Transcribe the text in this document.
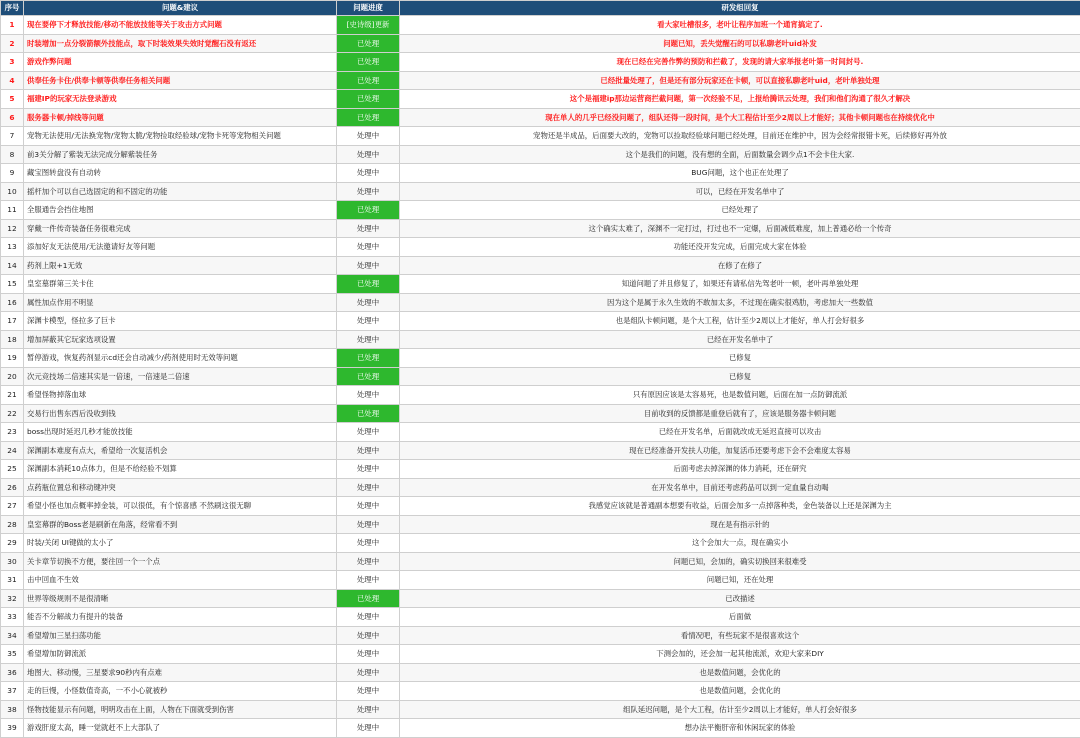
序号	问题&建议	问题进度	研发组回复
1	现在要停下才释放技能/移动不能放技能等关于攻击方式问题	[史诗级]更新	看大家吐槽很多，老叶让程序加班一个通宵搞定了.
2	时装增加一点分裂箭额外技能点，取下时装效果失效时觉醒石没有返还	已处理	问题已知，丢失觉醒石的可以私聊老叶uid补发
3	游戏作弊问题	已处理	现在已经在完善作弊的预防和拦截了，发现的请大家举报老叶第一时间封号.
4	供奉任务卡住/供奉卡顿等供奉任务相关问题	已处理	已经批量处理了，但是还有部分玩家还在卡顿，可以直接私聊老叶uid，老叶单独处理
5	福建IP的玩家无法登录游戏	已处理	这个是福建ip那边运营商拦截问题，第一次经验不足，上报给腾讯云处理，我们和他们沟通了很久才解决
6	服务器卡顿/掉线等问题	已处理	现在单人的几乎已经没问题了，组队还得一段时间，是个大工程估计至少2周以上才能好；其他卡顿问题也在持续优化中
7	宠物无法使用/无法换宠物/宠物太脆/宠物捡取经验球/宠物卡死等宠物相关问题	处理中	宠物还是半成品，后面要大改的，宠物可以捡取经验球问题已经处理，目前还在维护中，因为会经常报错卡死，后续修好再外放
8	前3关分解了紫装无法完成分解紫装任务	处理中	这个是我们的问题，没有想的全面，后面数量会调少点1不会卡住大家.
9	藏宝图转盘没有自动转	处理中	BUG问题，这个也正在处理了
10	摇杆加个可以自己选固定的和不固定的功能	处理中	可以，已经在开发名单中了
11	全服通告会挡住地图	已处理	已经处理了
12	穿戴一件传奇装备任务很难完成	处理中	这个确实太难了，深渊不一定打过，打过也不一定爆，后面减低难度，加上普通必给一个传奇
13	添加好友无法使用/无法邀请好友等问题	处理中	功能还没开发完成，后面完成大家在体验
14	药剂上限+1无效	处理中	在修了在修了
15	皇室墓群第三关卡住	已处理	知道问题了并且修复了，如果还有请私信先驾老叶一顿，老叶再单独处理
16	属性加点作用不明显	处理中	因为这个是属于永久生效的不敢加太多，不过现在确实很鸡肋，考虑加大一些数值
17	深渊卡模型，怪拉多了巨卡	处理中	也是组队卡顿问题，是个大工程，估计至少2周以上才能好，单人打会好很多
18	增加屏蔽其它玩家选项设置	处理中	已经在开发名单中了
19	暂停游戏，恢复药剂显示cd还会自动减少/药剂使用时无效等问题	已处理	已修复
20	次元竞技场二倍速其实是一倍速，一倍速是二倍速	已处理	已修复
21	希望怪物掉落血球	处理中	只有原因应该是太容易死，也是数值问题，后面在加一点防御流派
22	交易行出售东西后没收到钱	已处理	目前收到的反馈都是重登后就有了，应该是服务器卡顿问题
23	boss出现时延迟几秒才能放技能	处理中	已经在开发名单，后面就改成无延迟直接可以攻击
24	深渊副本难度有点大，希望给一次复活机会	处理中	现在已经准备开发扶人功能，加复活币还要考虑下会不会难度太容易
25	深渊副本消耗10点体力，但是不给经验不划算	处理中	后面考虑去掉深渊的体力消耗，还在研究
26	点药瓶位置总和移动键冲突	处理中	在开发名单中，目前还考虑药品可以到一定血量自动喝
27	希望小怪也加点概率掉金装，可以很低，有个惊喜感 不然刷这很无聊	处理中	我感觉应该就是普通副本想要有收益，后面会加多一点掉落种类，金色装备以上还是深渊为主
28	皇室幕群的Boss老是刷新在角落，经常看不到	处理中	现在是有指示针的
29	时装/关闭 UI键做的太小了	处理中	这个会加大一点，现在确实小
30	关卡章节切换不方便，要往回一个一个点	处理中	问题已知，会加的，确实切换回来很难受
31	击中回血不生效	处理中	问题已知，还在处理
32	世界等级规则不是很清晰	已处理	已改描述
33	能否不分解战力有提升的装备	处理中	后面做
34	希望增加三星扫荡功能	处理中	看情况吧，有些玩家不是很喜欢这个
35	希望增加防御流派	处理中	下测会加的，还会加一起其他流派，欢迎大家来DIY
36	地图大、移动慢，三星要求90秒内有点难	处理中	也是数值问题，会优化的
37	走的巨慢，小怪数值奇高，一不小心就被秒	处理中	也是数值问题，会优化的
38	怪物技能显示有问题，明明攻击在上面，人物在下面就受到伤害	处理中	组队延迟问题，是个大工程，估计至少2周以上才能好，单人打会好很多
39	游戏肝度太高，睡一觉就赶不上大部队了	处理中	想办法平衡肝帝和休闲玩家的体验
